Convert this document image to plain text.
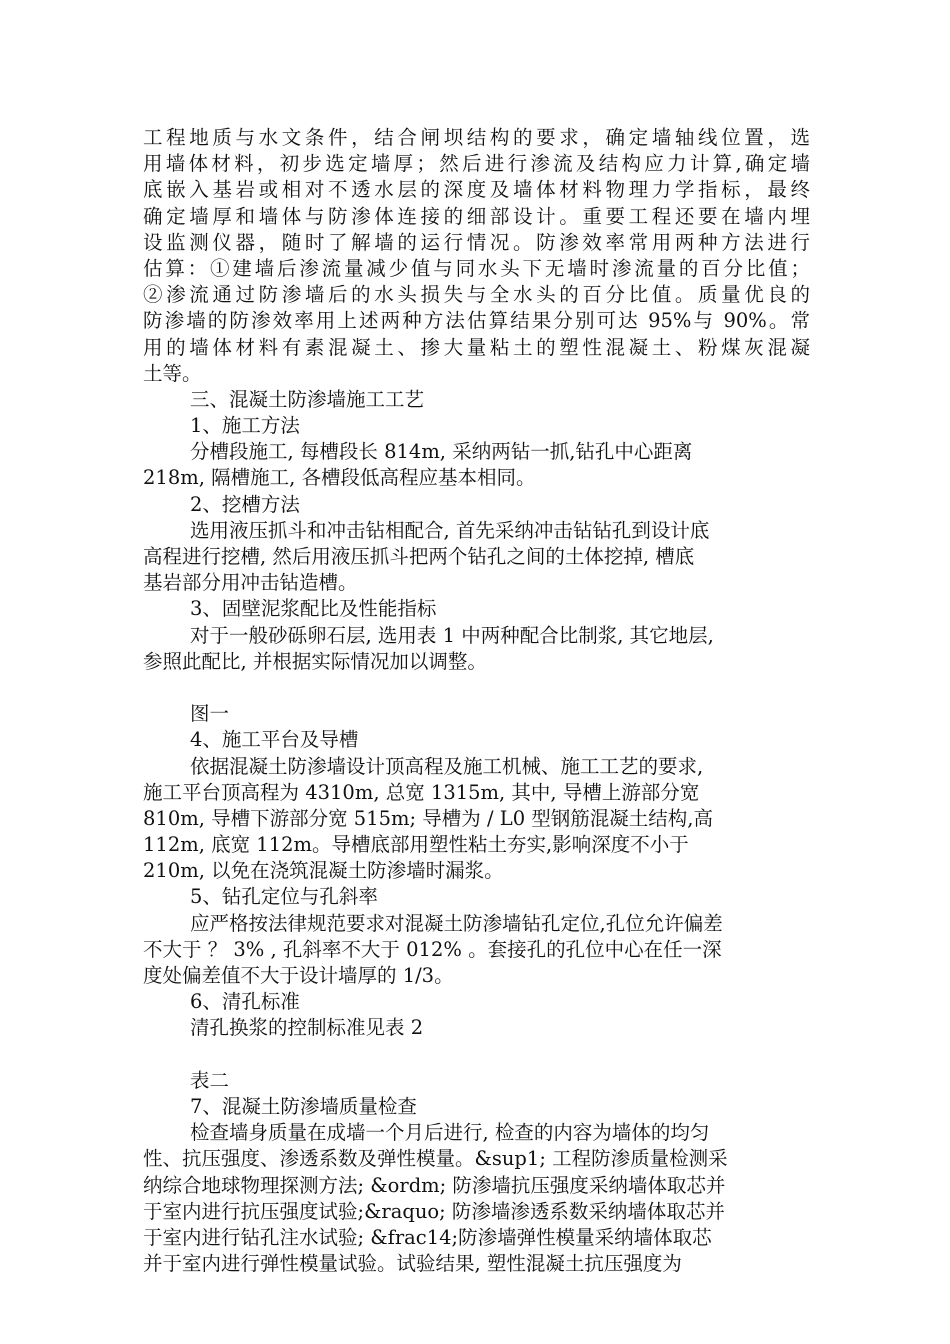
工程地质与水文条件，结合闸坝结构的要求，确定墙轴线位置，选
用墙体材料，初步选定墙厚；然后进行渗流及结构应力计算,确定墙
底嵌入基岩或相对不透水层的深度及墙体材料物理力学指标，最终
确定墙厚和墙体与防渗体连接的细部设计。重要工程还要在墙内埋
设监测仪器，随时了解墙的运行情况。防渗效率常用两种方法进行
估算：①建墙后渗流量减少值与同水头下无墙时渗流量的百分比值；
②渗流通过防渗墙后的水头损失与全水头的百分比值。质量优良的
防渗墙的防渗效率用上述两种方法估算结果分别可达 95%与 90%。常
用的墙体材料有素混凝土、掺大量粘土的塑性混凝土、粉煤灰混凝
土等。
三、混凝土防渗墙施工工艺
1、施工方法
分槽段施工, 每槽段长 814m, 采纳两钻一抓,钻孔中心距离
218m, 隔槽施工, 各槽段低高程应基本相同。
2、挖槽方法
选用液压抓斗和冲击钻相配合, 首先采纳冲击钻钻孔到设计底
高程进行挖槽, 然后用液压抓斗把两个钻孔之间的土体挖掉, 槽底
基岩部分用冲击钻造槽。
3、固壁泥浆配比及性能指标
对于一般砂砾卵石层, 选用表 1 中两种配合比制浆, 其它地层,
参照此配比, 并根据实际情况加以调整。
图一
4、施工平台及导槽
依据混凝土防渗墙设计顶高程及施工机械、施工工艺的要求,
施工平台顶高程为 4310m, 总宽 1315m, 其中, 导槽上游部分宽
810m, 导槽下游部分宽 515m; 导槽为 / L0 型钢筋混凝土结构,高
112m, 底宽 112m。导槽底部用塑性粘土夯实,影响深度不小于
210m, 以免在浇筑混凝土防渗墙时漏浆。
5、钻孔定位与孔斜率
应严格按法律规范要求对混凝土防渗墙钻孔定位,孔位允许偏差
不大于 ？ 3% , 孔斜率不大于 012% 。套接孔的孔位中心在任一深
度处偏差值不大于设计墙厚的 1/3。
6、清孔标准
清孔换浆的控制标准见表 2
表二
7、混凝土防渗墙质量检查
检查墙身质量在成墙一个月后进行, 检查的内容为墙体的均匀
性、抗压强度、渗透系数及弹性模量。&sup1; 工程防渗质量检测采
纳综合地球物理探测方法; &ordm; 防渗墙抗压强度采纳墙体取芯并
于室内进行抗压强度试验;&raquo; 防渗墙渗透系数采纳墙体取芯并
于室内进行钻孔注水试验; &frac14;防渗墙弹性模量采纳墙体取芯
并于室内进行弹性模量试验。试验结果, 塑性混凝土抗压强度为
